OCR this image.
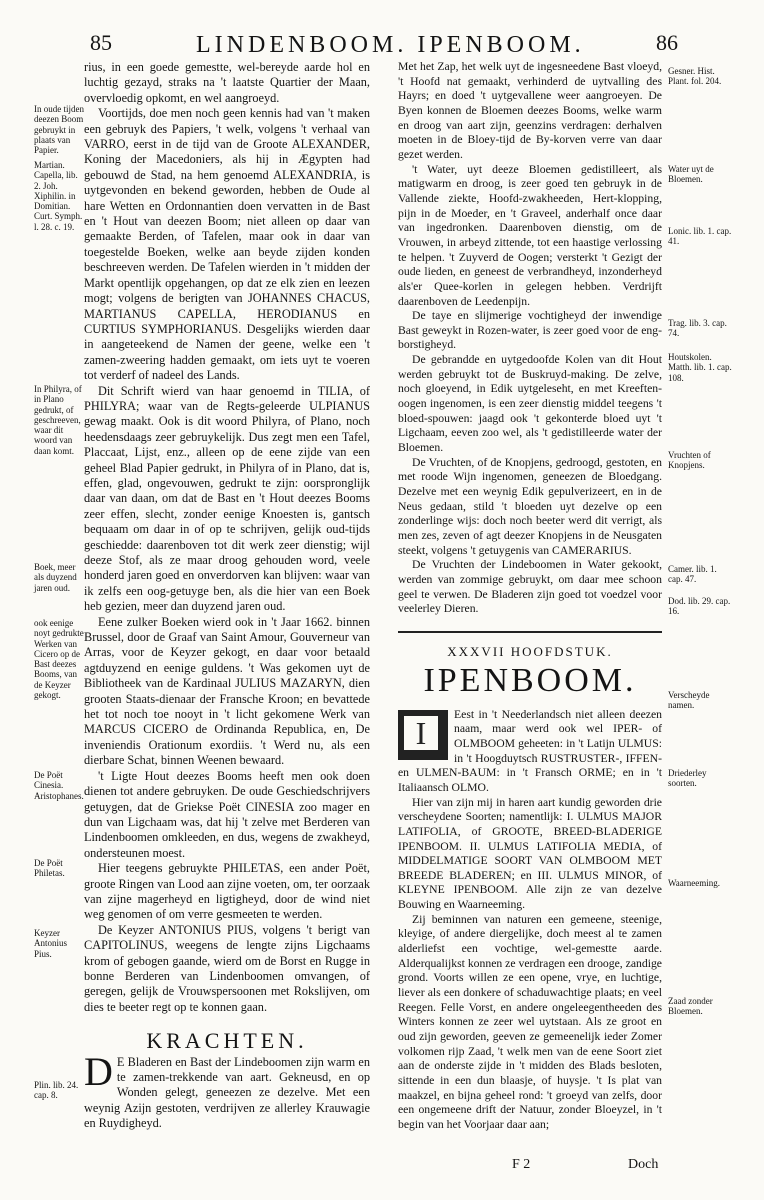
85	LINDENBOOM. IPENBOOM.	86
In oude tijden deezen Boom gebruykt in plaats van Papier.
Martian. Capella, lib. 2. Joh. Xiphilin. in Domitian. Curt. Symph. l. 28. c. 19.
In Philyra, of in Plano gedrukt, of geschreeven, waar dit woord van daan komt.
Boek, meer als duyzend jaren oud.
ook eenige noyt gedrukte Werken van Cicero op de Bast deezes Booms, van de Keyzer gekogt.
De Poët Cinesia. Aristophanes.
De Poët Philetas.
Keyzer Antonius Pius.
Plin. lib. 24. cap. 8.

rius, in een goede gemestte, wel-bereyde aarde hol en luchtig gezayd, straks na 't laatste Quartier der Maan, overvloedig opkomt, en wel aangroeyd.

Voortijds, doe men noch geen kennis had van 't maken een gebruyk des Papiers, 't welk, volgens 't verhaal van VARRO, eerst in de tijd van de Groote ALEXANDER, Koning der Macedoniers, als hij in Ægypten had gebouwd de Stad, na hem genoemd ALEXANDRIA, is uytgevonden en bekend geworden, hebben de Oude al hare Wetten en Ordonnantien doen vervatten in de Bast en 't Hout van deezen Boom; niet alleen op daar van gemaakte Berden, of Tafelen, maar ook in daar van toegestelde Boeken, welke aan beyde zijden konden beschreeven werden. De Tafelen wierden in 't midden der Markt opentlijk opgehangen, op dat ze elk zien en leezen mogt; volgens de berigten van JOHANNES CHACUS, MARTIANUS CAPELLA, HERODIANUS en CURTIUS SYMPHORIANUS. Desgelijks wierden daar in aangeteekend de Namen der geene, welke een 't zamen-zweering hadden gemaakt, om iets uyt te voeren tot verderf of nadeel des Lands.

Dit Schrift wierd van haar genoemd in TILIA, of PHILYRA; waar van de Regts-geleerde ULPIANUS gewag maakt. Ook is dit woord Philyra, of Plano, noch heedensdaags zeer gebruykelijk. Dus zegt men een Tafel, Placcaat, Lijst, enz., alleen op de eene zijde van een geheel Blad Papier gedrukt, in Philyra of in Plano, dat is, effen, glad, ongevouwen, gedrukt te zijn: oorspronglijk daar van daan, om dat de Bast en 't Hout deezes Booms zeer effen, slecht, zonder eenige Knoesten is, gantsch bequaam om daar in of op te schrijven, gelijk oud-tijds geschiedde: daarenboven tot dit werk zeer dienstig; wijl deeze Stof, als ze maar droog gehouden word, veele honderd jaren goed en onverdorven kan blijven: waar van ik zelfs een oog-getuyge ben, als die hier van een Boek heb gezien, meer dan duyzend jaren oud.

Eene zulker Boeken wierd ook in 't Jaar 1662. binnen Brussel, door de Graaf van Saint Amour, Gouverneur van Arras, voor de Keyzer gekogt, en daar voor betaald agtduyzend en eenige guldens. 't Was gekomen uyt de Bibliotheek van de Kardinaal JULIUS MAZARYN, dien grooten Staats-dienaar der Fransche Kroon; en bevattede het tot noch toe nooyt in 't licht gekomene Werk van MARCUS CICERO de Ordinanda Republica, en, De inveniendis Orationum exordiis. 't Werd nu, als een dierbare Schat, binnen Weenen bewaard.

't Ligte Hout deezes Booms heeft men ook doen dienen tot andere gebruyken. De oude Geschiedschrijvers getuygen, dat de Griekse Poët CINESIA zoo mager en dun van Ligchaam was, dat hij 't zelve met Berderen van Lindenboomen omkleeden, en dus, wegens de zwakheyd, ondersteunen moest.

Hier teegens gebruykte PHILETAS, een ander Poët, groote Ringen van Lood aan zijne voeten, om, ter oorzaak van zijne magerheyd en ligtigheyd, door de wind niet weg genomen of om verre gesmeeten te werden.

De Keyzer ANTONIUS PIUS, volgens 't berigt van CAPITOLINUS, weegens de lengte zijns Ligchaams krom of gebogen gaande, wierd om de Borst en Rugge in bonne Berderen van Lindenboomen omvangen, of geregen, gelijk de Vrouwspersoonen met Rokslijven, om dies te beeter regt op te konnen gaan.

KRACHTEN.

D E Bladeren en Bast der Lindeboomen zijn warm en te zamen-trekkende van aart. Gekneusd, en op Wonden gelegt, geneezen ze dezelve. Met een weynig Azijn gestoten, verdrijven ze allerley Krauwagie en Ruydigheyd.

Met het Zap, het welk uyt de ingesneedene Bast vloeyd, 't Hoofd nat gemaakt, verhinderd de uytvalling des Hayrs; en doed 't uytgevallene weer aangroeyen. De Byen konnen de Bloemen deezes Booms, welke warm en droog van aart zijn, geenzins verdragen: derhalven moeten in de Bloey-tijd de By-korven verre van daar gezet werden.

't Water, uyt deeze Bloemen gedistilleert, als matigwarm en droog, is zeer goed ten gebruyk in de Vallende ziekte, Hoofd-zwakheeden, Hert-klopping, pijn in de Moeder, en 't Graveel, anderhalf once daar van ingedronken. Daarenboven dienstig, om de Vrouwen, in arbeyd zittende, tot een haastige verlossing te helpen. 't Zuyverd de Oogen; versterkt 't Gezigt der oude lieden, en geneest de verbrandheyd, inzonderheyd als'er Quee-korlen in gelegen hebben. Verdrijft daarenboven de Leedenpijn.

De taye en slijmerige vochtigheyd der inwendige Bast geweykt in Rozen-water, is zeer goed voor de eng-borstigheyd.

De gebrandde en uytgedoofde Kolen van dit Hout werden gebruykt tot de Buskruyd-making. De zelve, noch gloeyend, in Edik uytgeleseht, en met Kreeften-oogen ingenomen, is een zeer dienstig middel teegens 't bloed-spouwen: jaagd ook 't gekonterde bloed uyt 't Ligchaam, eeven zoo wel, als 't gedistilleerde water der Bloemen.

De Vruchten, of de Knopjens, gedroogd, gestoten, en met roode Wijn ingenomen, geneezen de Bloedgang. Dezelve met een weynig Edik gepulverizeert, en in de Neus gedaan, stild 't bloeden uyt dezelve op een zonderlinge wijs: doch noch beeter werd dit verrigt, als men zes, zeven of agt deezer Knopjens in de Neusgaten steekt, volgens 't getuygenis van CAMERARIUS.

De Vruchten der Lindeboomen in Water gekookt, werden van zommige gebruykt, om daar mee schoon geel te verwen. De Bladeren zijn goed tot voedzel voor veelerley Dieren.

XXXVII HOOFDSTUK.
IPENBOOM.

I
Eest in 't Neederlandsch niet alleen deezen naam, maar werd ook wel IPER- of OLMBOOM geheeten: in 't Latijn ULMUS: in 't Hoogduytsch RUSTRUSTER-, IFFEN- en ULMEN-BAUM: in 't Fransch ORME; en in 't Italiaansch OLMO.

Hier van zijn mij in haren aart kundig geworden drie verscheydene Soorten; namentlijk: I. ULMUS MAJOR LATIFOLIA, of GROOTE, BREED-BLADERIGE IPENBOOM. II. ULMUS LATIFOLIA MEDIA, of MIDDELMATIGE SOORT VAN OLMBOOM MET BREEDE BLADEREN; en III. ULMUS MINOR, of KLEYNE IPENBOOM. Alle zijn ze van dezelve Bouwing en Waarneeming.

Zij beminnen van naturen een gemeene, steenige, kleyige, of andere diergelijke, doch meest al te zamen alderliefst een vochtige, wel-gemestte aarde. Alderqualijkst konnen ze verdragen een droogе, zandige grond. Voorts willen ze een opene, vrye, en luchtige, liever als een donkere of schaduwachtige plaats; en veel Reegen. Felle Vorst, en andere ongeleegentheeden des Winters konnen ze zeer wel uytstaan. Als ze groot en oud zijn geworden, geeven ze gemeenelijk ieder Zomer volkomen rijp Zaad, 't welk men van de eene Soort ziet aan de onderste zijde in 't midden des Blads besloten, sittende in een dun blaasje, of huysje. 't Is plat van maakzel, en bijna geheel rond: 't groeyd van zelfs, door een ongemeene drift der Natuur, zonder Bloeyzel, in 't begin van het Voorjaar daar aan;

Gesner. Hist. Plant. fol. 204.
Water uyt de Bloemen.
Lonic. lib. 1. cap. 41.
Trag. lib. 3. cap. 74.
Houtskolen. Matth. lib. 1. cap. 108.
Vruchten of Knopjens.
Camer. lib. 1. cap. 47.
Dod. lib. 29. cap. 16.
Verscheyde namen.
Driederley soorten.
Waarneeming.
Zaad zonder Bloemen.
F 2	Doch
